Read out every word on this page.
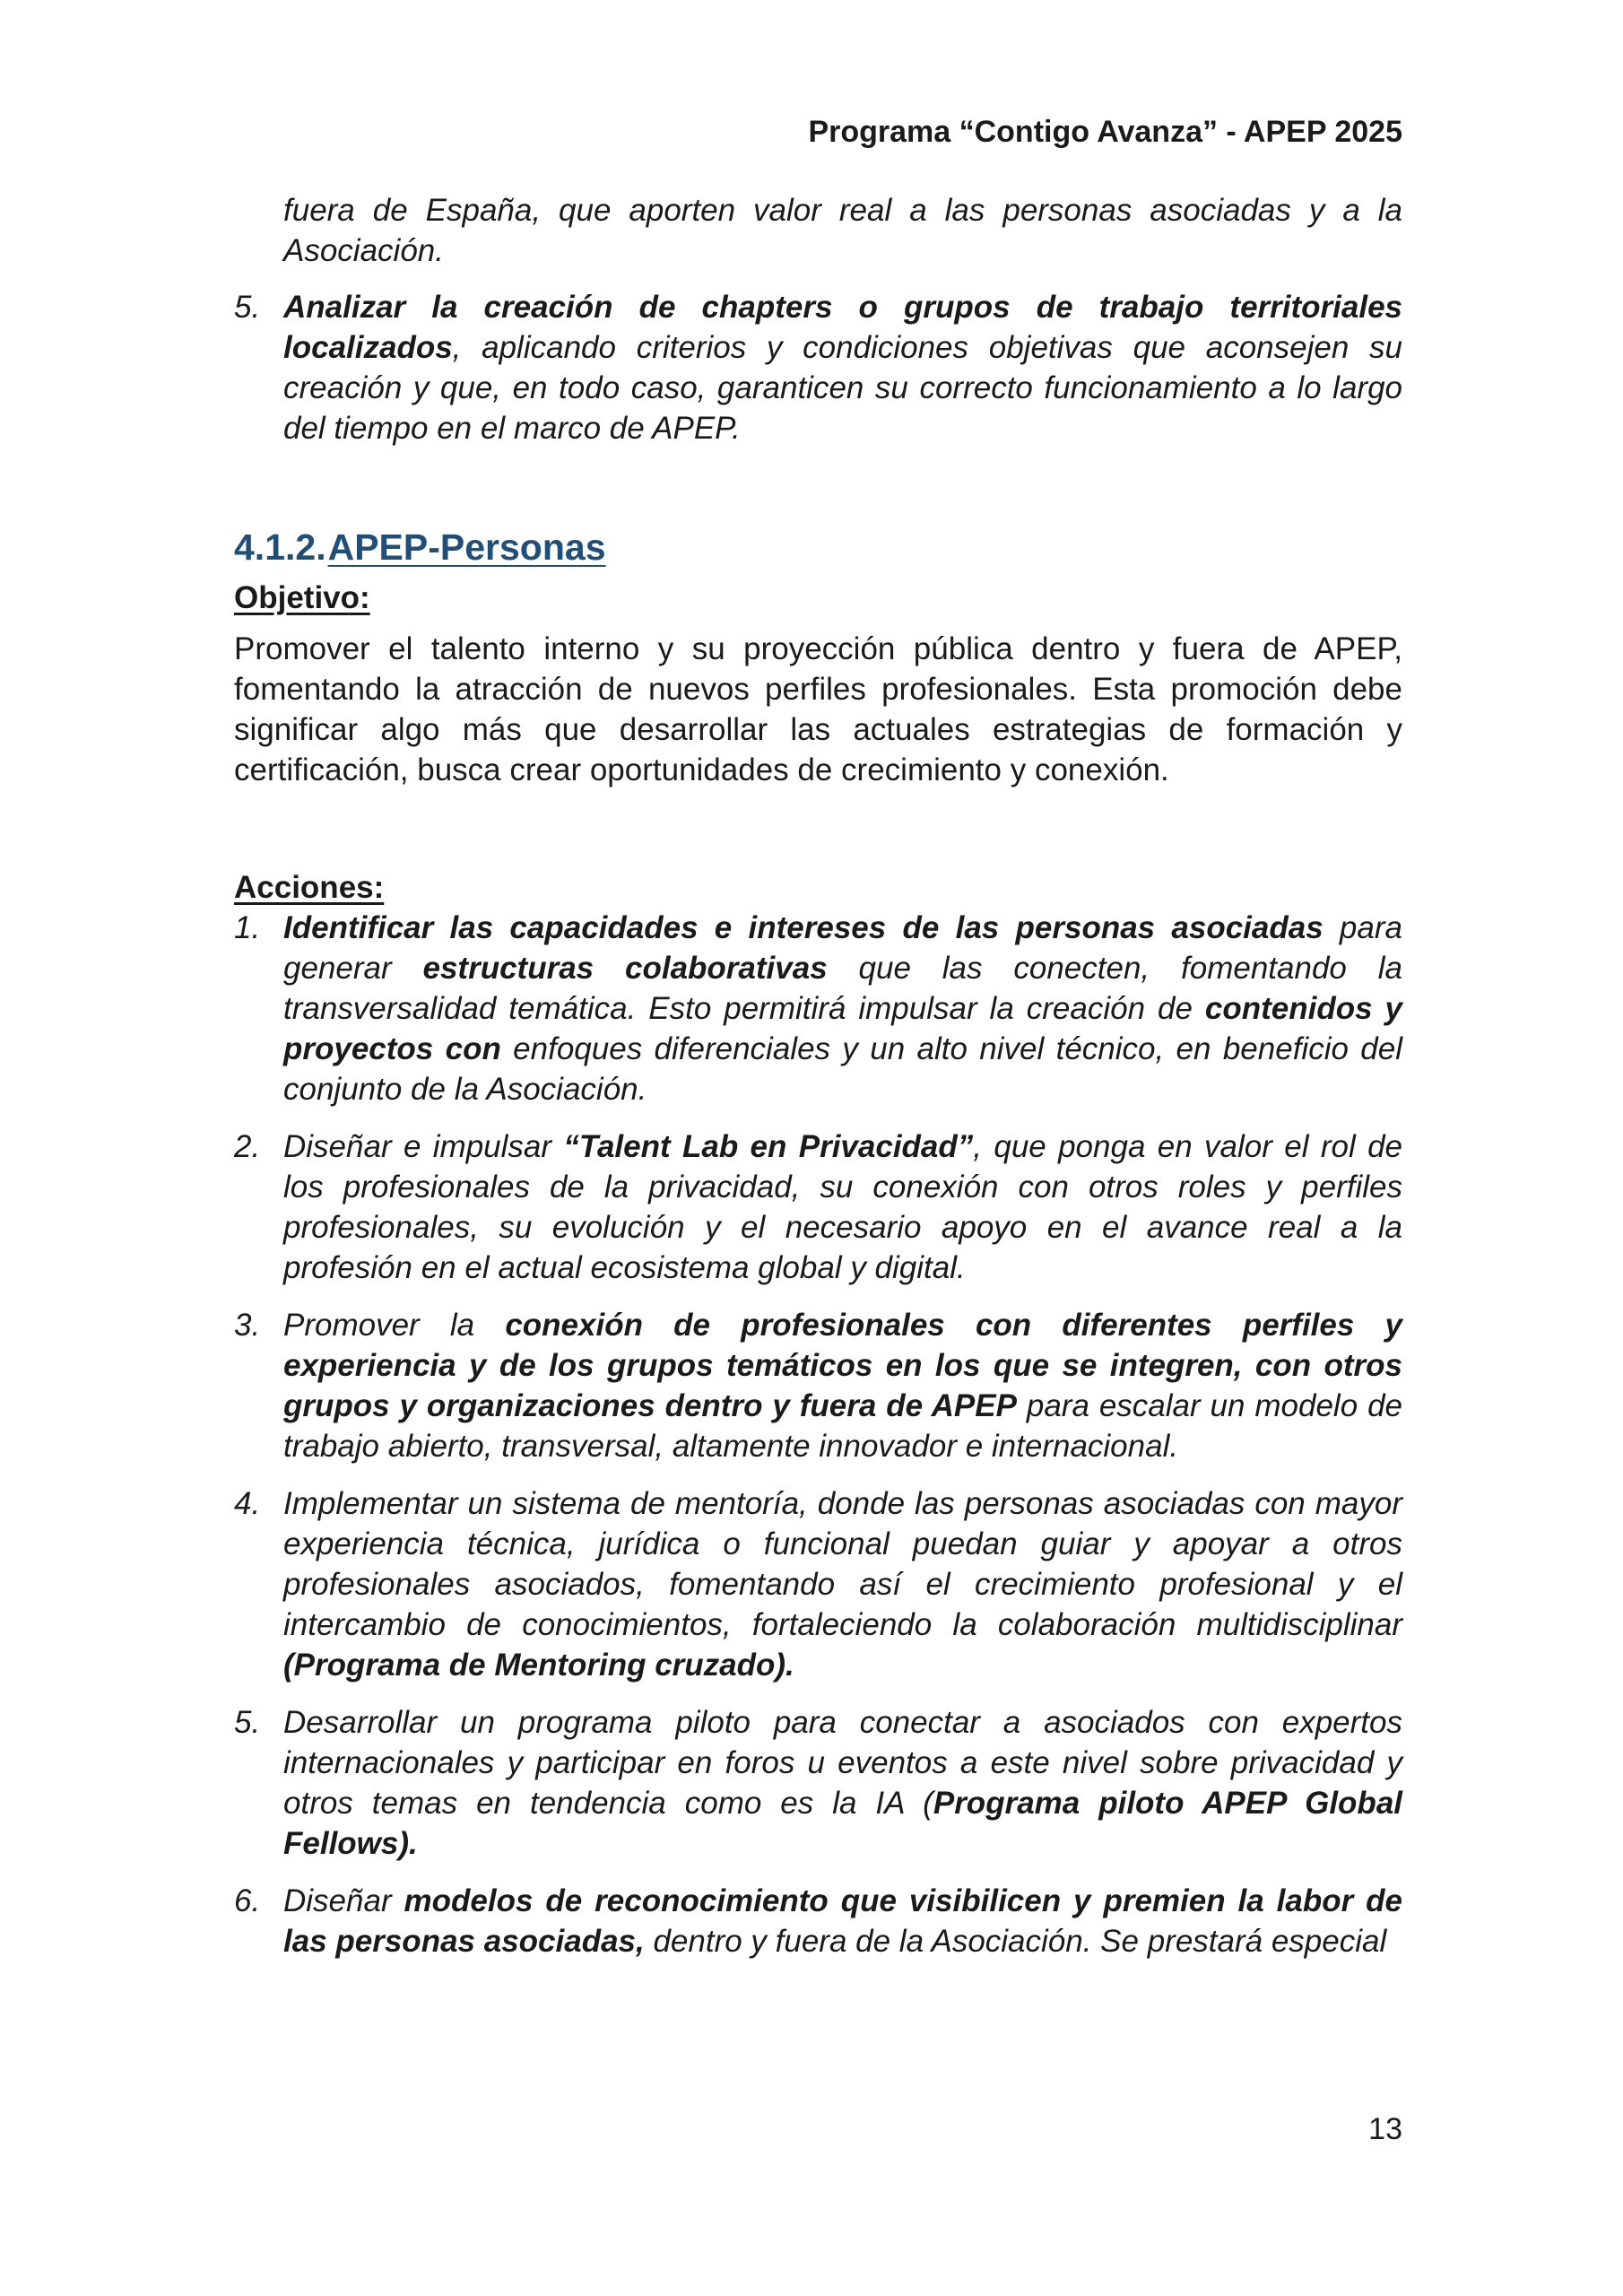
Programa “Contigo Avanza” - APEP 2025
fuera de España, que aporten valor real a las personas asociadas y a la Asociación.
5. Analizar la creación de chapters o grupos de trabajo territoriales localizados, aplicando criterios y condiciones objetivas que aconsejen su creación y que, en todo caso, garanticen su correcto funcionamiento a lo largo del tiempo en el marco de APEP.
4.1.2.APEP-Personas
Objetivo:
Promover el talento interno y su proyección pública dentro y fuera de APEP, fomentando la atracción de nuevos perfiles profesionales. Esta promoción debe significar algo más que desarrollar las actuales estrategias de formación y certificación, busca crear oportunidades de crecimiento y conexión.
Acciones:
1. Identificar las capacidades e intereses de las personas asociadas para generar estructuras colaborativas que las conecten, fomentando la transversalidad temática. Esto permitirá impulsar la creación de contenidos y proyectos con enfoques diferenciales y un alto nivel técnico, en beneficio del conjunto de la Asociación.
2. Diseñar e impulsar “Talent Lab en Privacidad”, que ponga en valor el rol de los profesionales de la privacidad, su conexión con otros roles y perfiles profesionales, su evolución y el necesario apoyo en el avance real a la profesión en el actual ecosistema global y digital.
3. Promover la conexión de profesionales con diferentes perfiles y experiencia y de los grupos temáticos en los que se integren, con otros grupos y organizaciones dentro y fuera de APEP para escalar un modelo de trabajo abierto, transversal, altamente innovador e internacional.
4. Implementar un sistema de mentoría, donde las personas asociadas con mayor experiencia técnica, jurídica o funcional puedan guiar y apoyar a otros profesionales asociados, fomentando así el crecimiento profesional y el intercambio de conocimientos, fortaleciendo la colaboración multidisciplinar (Programa de Mentoring cruzado).
5. Desarrollar un programa piloto para conectar a asociados con expertos internacionales y participar en foros u eventos a este nivel sobre privacidad y otros temas en tendencia como es la IA (Programa piloto APEP Global Fellows).
6. Diseñar modelos de reconocimiento que visibilicen y premien la labor de las personas asociadas, dentro y fuera de la Asociación. Se prestará especial
13
